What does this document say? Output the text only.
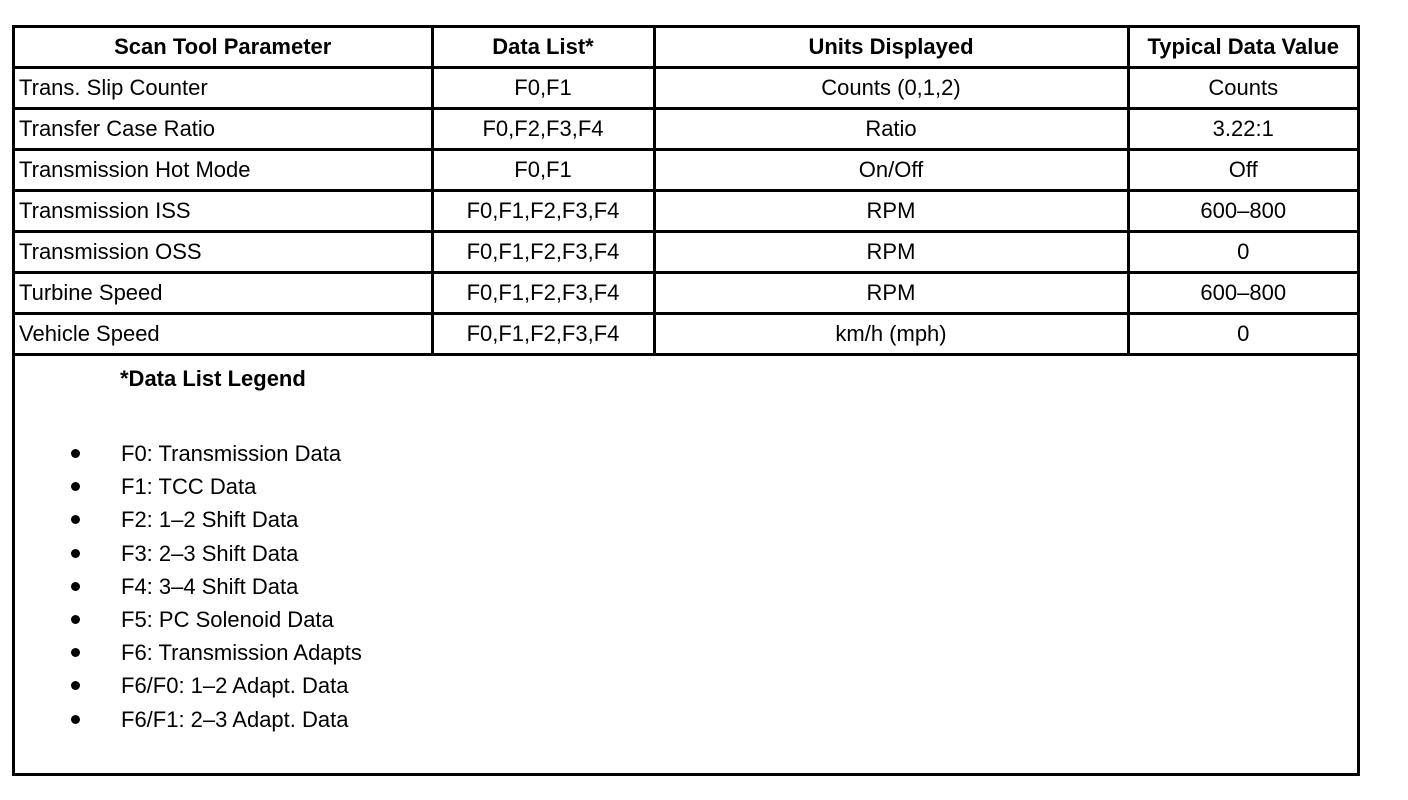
Scan Tool Parameter	Data List*	Units Displayed	Typical Data Value
Trans. Slip Counter	F0,F1	Counts (0,1,2)	Counts
Transfer Case Ratio	F0,F2,F3,F4	Ratio	3.22:1
Transmission Hot Mode	F0,F1	On/Off	Off
Transmission ISS	F0,F1,F2,F3,F4	RPM	600–800
Transmission OSS	F0,F1,F2,F3,F4	RPM	0
Turbine Speed	F0,F1,F2,F3,F4	RPM	600–800
Vehicle Speed	F0,F1,F2,F3,F4	km/h (mph)	0
*Data List Legend
F0: Transmission Data
F1: TCC Data
F2: 1–2 Shift Data
F3: 2–3 Shift Data
F4: 3–4 Shift Data
F5: PC Solenoid Data
F6: Transmission Adapts
F6/F0: 1–2 Adapt. Data
F6/F1: 2–3 Adapt. Data
